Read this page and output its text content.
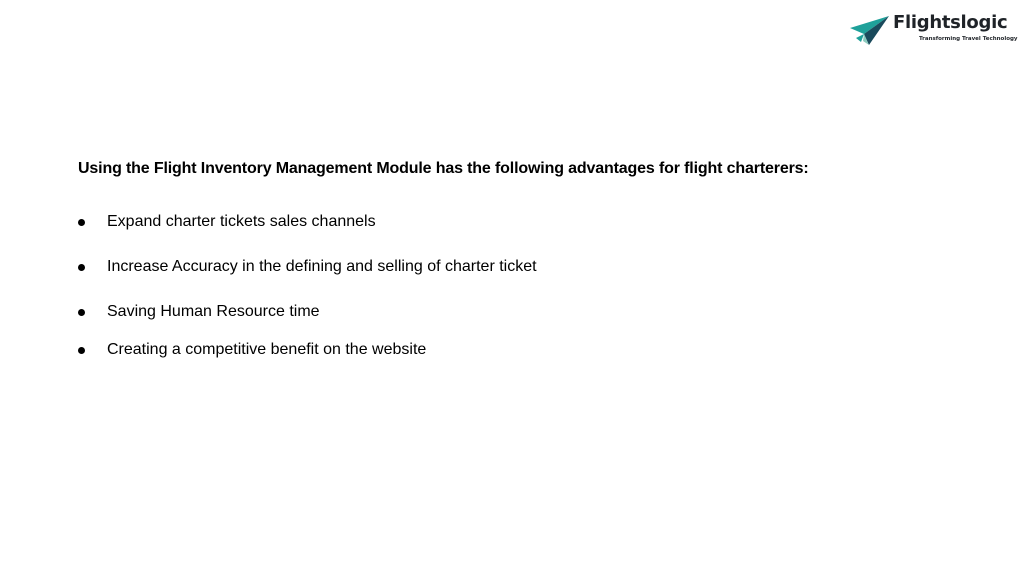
Flightslogic
Transforming Travel Technology
Using the Flight Inventory Management Module has the following advantages for flight charterers:
Expand charter tickets sales channels
Increase Accuracy in the defining and selling of charter ticket
Saving Human Resource time
Creating a competitive benefit on the website
